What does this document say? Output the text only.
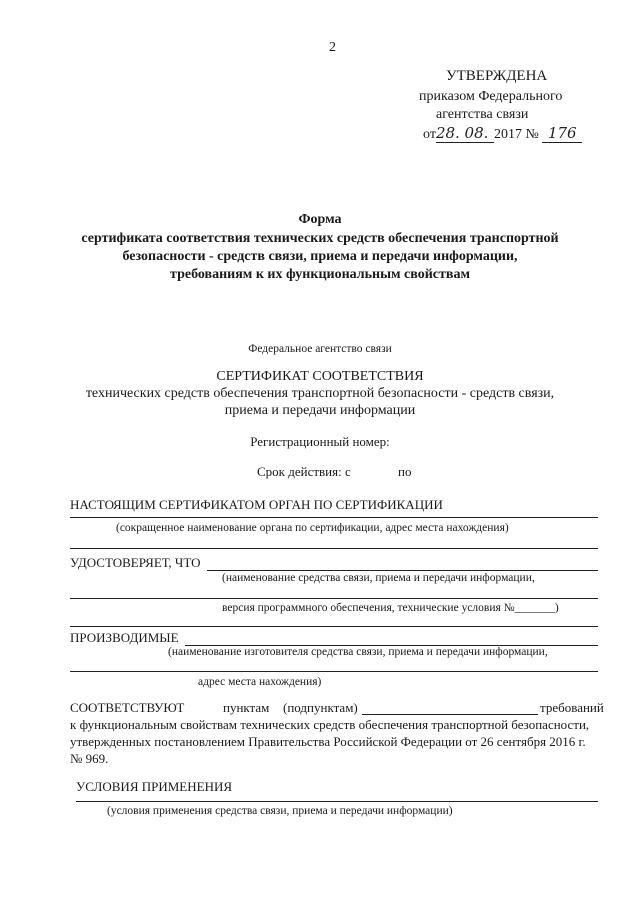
2
УТВЕРЖДЕНА
приказом Федерального
агентства связи
от28. 08. 2017 № 176
Форма
сертификата соответствия технических средств обеспечения транспортной
безопасности - средств связи, приема и передачи информации,
требованиям к их функциональным свойствам
Федеральное агентство связи
СЕРТИФИКАТ СООТВЕТСТВИЯ
технических средств обеспечения транспортной безопасности - средств связи,
приема и передачи информации
Регистрационный номер:
Срок действия: с	по
НАСТОЯЩИМ СЕРТИФИКАТОМ ОРГАН ПО СЕРТИФИКАЦИИ
(сокращенное наименование органа по сертификации, адрес места нахождения)
УДОСТОВЕРЯЕТ, ЧТО
(наименование средства связи, приема и передачи информации,
версия программного обеспечения, технические условия №_______)
ПРОИЗВОДИМЫЕ
(наименование изготовителя средства связи, приема и передачи информации,
адрес места нахождения)
СООТВЕТСТВУЮТ	пунктам (подпунктам)	требований
к функциональным свойствам технических средств обеспечения транспортной безопасности,
утвержденных постановлением Правительства Российской Федерации от 26 сентября 2016 г.
№ 969.
УСЛОВИЯ ПРИМЕНЕНИЯ
(условия применения средства связи, приема и передачи информации)
